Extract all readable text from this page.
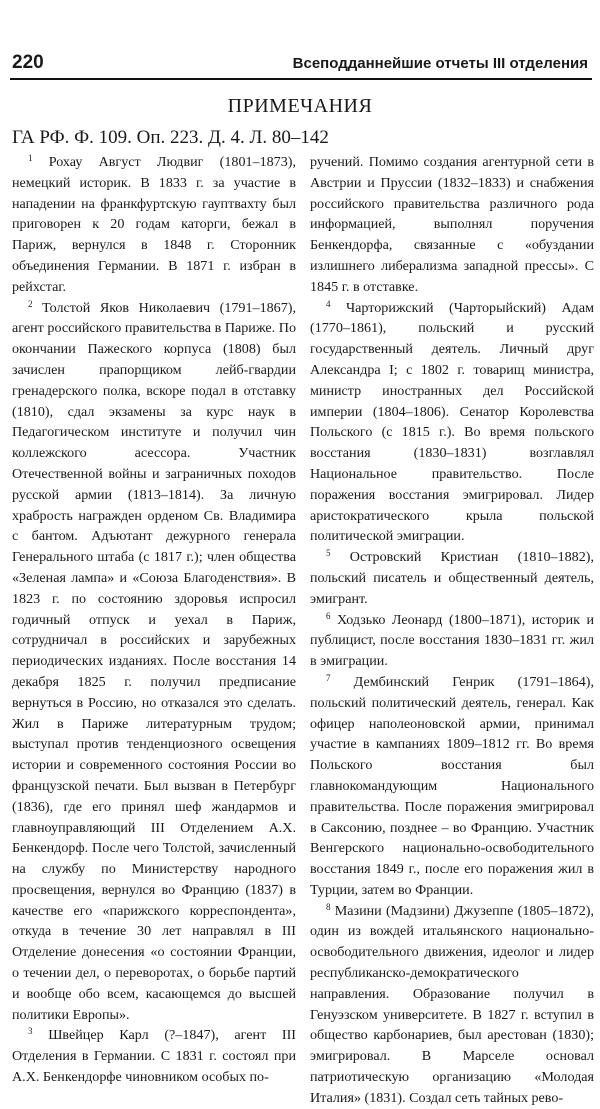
220	Всеподданнейшие отчеты III отделения
ПРИМЕЧАНИЯ
ГА РФ. Ф. 109. Оп. 223. Д. 4. Л. 80–142

$^1$ Рохау Август Людвиг (1801–1873), немецкий историк. В 1833 г. за участие в нападении на франкфуртскую гауптвахту был приговорен к 20 годам каторги, бежал в Париж, вернулся в 1848 г. Сторонник объединения Германии. В 1871 г. избран в рейхстаг.

$^2$ Толстой Яков Николаевич (1791–1867), агент российского правительства в Париже. По окончании Пажеского корпуса (1808) был зачислен прапорщиком лейб-гвардии гренадерского полка, вскоре подал в отставку (1810), сдал экзамены за курс наук в Педагогическом институте и получил чин коллежского асессора. Участник Отечественной войны и заграничных походов русской армии (1813–1814). За личную храбрость награжден орденом Св. Владимира с бантом. Адъютант дежурного генерала Генерального штаба (с 1817 г.); член общества «Зеленая лампа» и «Союза Благоденствия». В 1823 г. по состоянию здоровья испросил годичный отпуск и уехал в Париж, сотрудничал в российских и зарубежных периодических изданиях. После восстания 14 декабря 1825 г. получил предписание вернуться в Россию, но отказался это сделать. Жил в Париже литературным трудом; выступал против тенденциозного освещения истории и современного состояния России во французской печати. Был вызван в Петербург (1836), где его принял шеф жандармов и главноуправляющий III Отделением А.Х. Бенкендорф. После чего Толстой, зачисленный на службу по Министерству народного просвещения, вернулся во Францию (1837) в качестве его «парижского корреспондента», откуда в течение 30 лет направлял в III Отделение донесения «о состоянии Франции, о течении дел, о переворотах, о борьбе партий и вообще обо всем, касающемся до высшей политики Европы».

$^3$ Швейцер Карл (?–1847), агент III Отделения в Германии. С 1831 г. состоял при А.Х. Бенкендорфе чиновником особых по-

ручений. Помимо создания агентурной сети в Австрии и Пруссии (1832–1833) и снабжения российского правительства различного рода информацией, выполнял поручения Бенкендорфа, связанные с «обуздании излишнего либерализма западной прессы». С 1845 г. в отставке.

$^4$ Чарторижский (Чарторыйский) Адам (1770–1861), польский и русский государственный деятель. Личный друг Александра I; с 1802 г. товарищ министра, министр иностранных дел Российской империи (1804–1806). Сенатор Королевства Польского (с 1815 г.). Во время польского восстания (1830–1831) возглавлял Национальное правительство. После поражения восстания эмигрировал. Лидер аристократического крыла польской политической эмиграции.

$^5$ Островский Кристиан (1810–1882), польский писатель и общественный деятель, эмигрант.

$^6$ Ходзько Леонард (1800–1871), историк и публицист, после восстания 1830–1831 гг. жил в эмиграции.

$^7$ Дембинский Генрик (1791–1864), польский политический деятель, генерал. Как офицер наполеоновской армии, принимал участие в кампаниях 1809–1812 гг. Во время Польского восстания был главнокомандующим Национального правительства. После поражения эмигрировал в Саксонию, позднее – во Францию. Участник Венгерского национально-освободительного восстания 1849 г., после его поражения жил в Турции, затем во Франции.

$^8$ Мазини (Мадзини) Джузеппе (1805–1872), один из вождей итальянского национально-освободительного движения, идеолог и лидер республиканско-демократического направления. Образование получил в Генуэзском университете. В 1827 г. вступил в общество карбонариев, был арестован (1830); эмигрировал. В Марселе основал патриотическую организацию «Молодая Италия» (1831). Создал сеть тайных рево-
